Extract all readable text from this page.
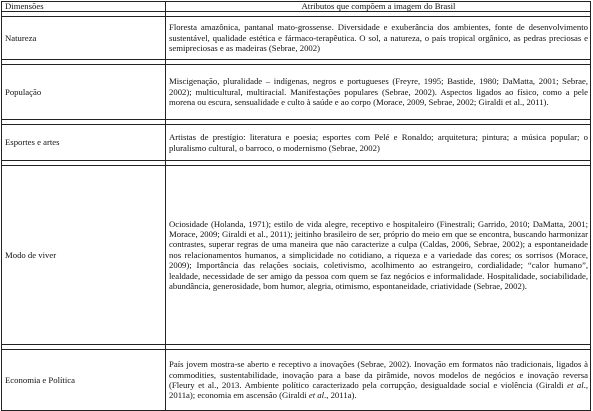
Dimensões	Atributos que compõem a imagem do Brasil

Natureza	Floresta amazônica, pantanal mato-grossense. Diversidade e exuberância dos ambientes, fonte de desenvolvimento sustentável, qualidade estética e fármaco-terapêutica. O sol, a natureza, o país tropical orgânico, as pedras preciosas e semipreciosas e as madeiras (Sebrae, 2002)

População	Miscigenação, pluralidade – indígenas, negros e portugueses (Freyre, 1995; Bastide, 1980; DaMatta, 2001; Sebrae, 2002); multicultural, multiracial. Manifestações populares (Sebrae, 2002). Aspectos ligados ao físico, como a pele morena ou escura, sensualidade e culto à saúde e ao corpo (Morace, 2009, Sebrae, 2002; Giraldi et al., 2011).

Esportes e artes	Artistas de prestígio: literatura e poesia; esportes com Pelé e Ronaldo; arquitetura; pintura; a música popular; o pluralismo cultural, o barroco, o modernismo (Sebrae, 2002)

Modo de viver	Ociosidade (Holanda, 1971); estilo de vida alegre, receptivo e hospitaleiro (Finestrali; Garrido, 2010; DaMatta, 2001; Morace, 2009; Giraldi et al., 2011); jeitinho brasileiro de ser, próprio do meio em que se encontra, buscando harmonizar contrastes, superar regras de uma maneira que não caracterize a culpa (Caldas, 2006, Sebrae, 2002); a espontaneidade nos relacionamentos humanos, a simplicidade no cotidiano, a riqueza e a variedade das cores; os sorrisos (Morace, 2009); Importância das relações sociais, coletivismo, acolhimento ao estrangeiro, cordialidade; “calor humano”, lealdade, necessidade de ser amigo da pessoa com quem se faz negócios e informalidade. Hospitalidade, sociabilidade, abundância, generosidade, bom humor, alegria, otimismo, espontaneidade, criatividade (Sebrae, 2002).

Economia e Política	País jovem mostra-se aberto e receptivo a inovações (Sebrae, 2002). Inovação em formatos não tradicionais, ligados à commodities, sustentabilidade, inovação para a base da pirâmide, novos modelos de negócios e inovação reversa (Fleury et al., 2013. Ambiente político caracterizado pela corrupção, desigualdade social e violência (Giraldi et al., 2011a); economia em ascensão (Giraldi et al., 2011a).
